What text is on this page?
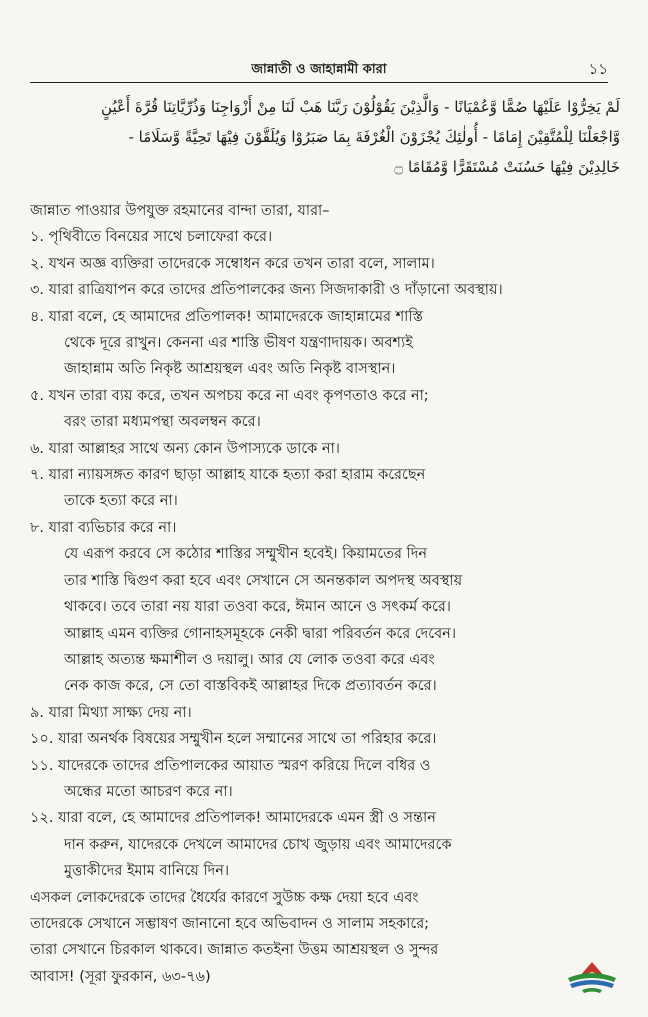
জান্নাতী ও জাহান্নামী কারা	১১
لَمْ يَخِرُّوْا عَلَيْهَا صُمًّا وَّعُمْيَانًا - وَالَّذِيْنَ يَقُوْلُوْنَ رَبَّنَا هَبْ لَنَا مِنْ أَزْوَاجِنَا وَذُرِّيَّاتِنَا قُرَّةَ أَعْيُنٍ
وَّاجْعَلْنَا لِلْمُتَّقِيْنَ إِمَامًا - أُولٰئِكَ يُجْزَوْنَ الْغُرْفَةَ بِمَا صَبَرُوْا وَيُلَقَّوْنَ فِيْهَا تَحِيَّةً وَّسَلَامًا -
خَالِدِيْنَ فِيْهَا حَسُنَتْ مُسْتَقَرًّا وَّمُقَامًا ۝
জান্নাত পাওয়ার উপযুক্ত রহমানের বান্দা তারা, যারা–
১. পৃথিবীতে বিনয়ের সাথে চলাফেরা করে।
২. যখন অজ্ঞ ব্যক্তিরা তাদেরকে সম্বোধন করে তখন তারা বলে, সালাম।
৩. যারা রাত্রিযাপন করে তাদের প্রতিপালকের জন্য সিজদাকারী ও দাঁড়ানো অবস্থায়।
৪. যারা বলে, হে আমাদের প্রতিপালক! আমাদেরকে জাহান্নামের শাস্তি
থেকে দূরে রাখুন। কেননা এর শাস্তি ভীষণ যন্ত্রণাদায়ক। অবশ্যই
জাহান্নাম অতি নিকৃষ্ট আশ্রয়স্থল এবং অতি নিকৃষ্ট বাসস্থান।
৫. যখন তারা ব্যয় করে, তখন অপচয় করে না এবং কৃপণতাও করে না;
বরং তারা মধ্যমপন্থা অবলম্বন করে।
৬. যারা আল্লাহর সাথে অন্য কোন উপাস্যকে ডাকে না।
৭. যারা ন্যায়সঙ্গত কারণ ছাড়া আল্লাহ যাকে হত্যা করা হারাম করেছেন
তাকে হত্যা করে না।
৮. যারা ব্যভিচার করে না।
যে এরূপ করবে সে কঠোর শাস্তির সম্মুখীন হবেই। কিয়ামতের দিন
তার শাস্তি দ্বিগুণ করা হবে এবং সেখানে সে অনন্তকাল অপদস্থ অবস্থায়
থাকবে। তবে তারা নয় যারা তওবা করে, ঈমান আনে ও সৎকর্ম করে।
আল্লাহ এমন ব্যক্তির গোনাহসমূহকে নেকী দ্বারা পরিবর্তন করে দেবেন।
আল্লাহ অত্যন্ত ক্ষমাশীল ও দয়ালু। আর যে লোক তওবা করে এবং
নেক কাজ করে, সে তো বাস্তবিকই আল্লাহর দিকে প্রত্যাবর্তন করে।
৯. যারা মিথ্যা সাক্ষ্য দেয় না।
১০. যারা অনর্থক বিষয়ের সম্মুখীন হলে সম্মানের সাথে তা পরিহার করে।
১১. যাদেরকে তাদের প্রতিপালকের আয়াত স্মরণ করিয়ে দিলে বধির ও
অন্ধের মতো আচরণ করে না।
১২. যারা বলে, হে আমাদের প্রতিপালক! আমাদেরকে এমন স্ত্রী ও সন্তান
দান করুন, যাদেরকে দেখলে আমাদের চোখ জুড়ায় এবং আমাদেরকে
মুত্তাকীদের ইমাম বানিয়ে দিন।
এসকল লোকদেরকে তাদের ধৈর্যের কারণে সুউচ্চ কক্ষ দেয়া হবে এবং
তাদেরকে সেখানে সম্ভাষণ জানানো হবে অভিবাদন ও সালাম সহকারে;
তারা সেখানে চিরকাল থাকবে। জান্নাত কতইনা উত্তম আশ্রয়স্থল ও সুন্দর
আবাস! (সূরা ফুরকান, ৬৩-৭৬)
